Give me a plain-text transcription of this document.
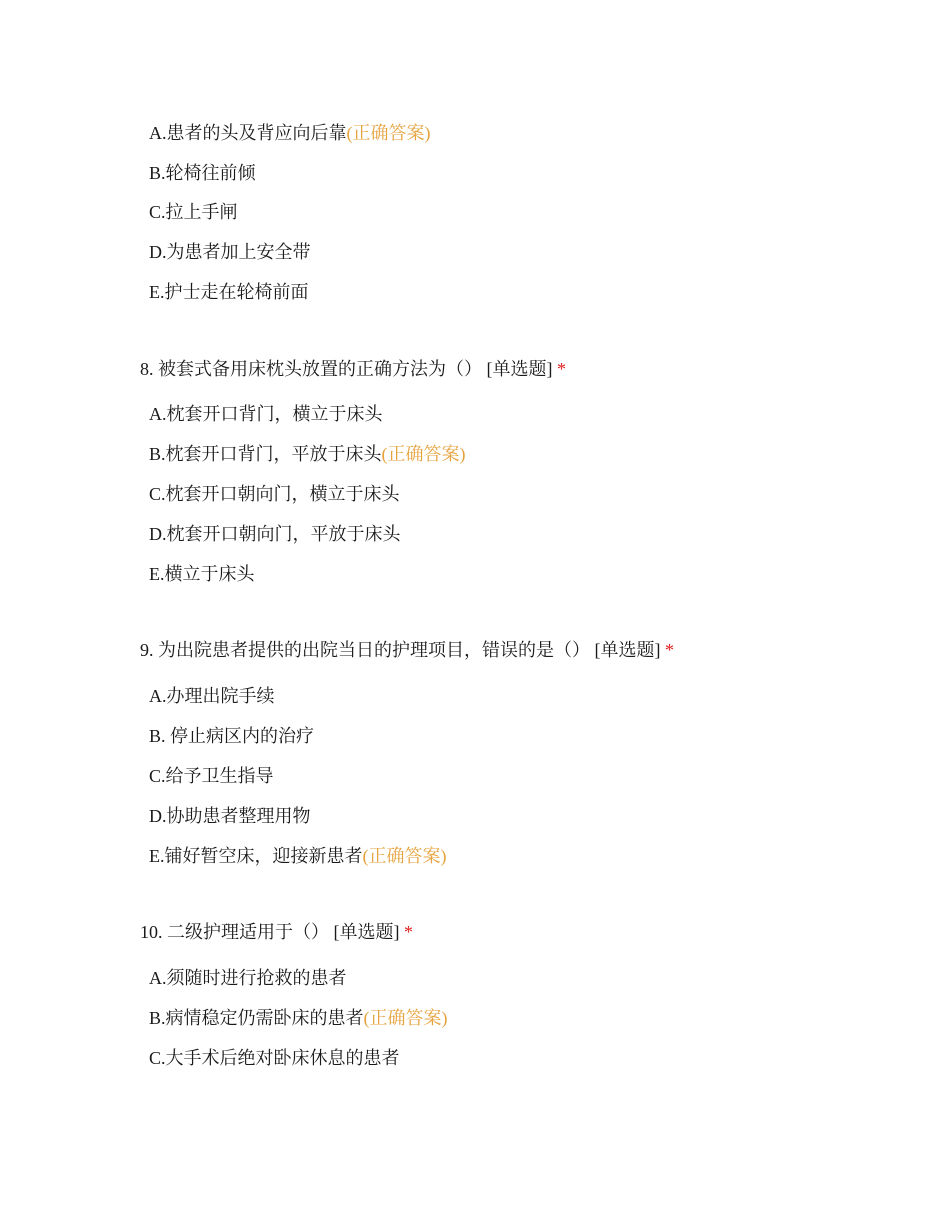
A.患者的头及背应向后靠(正确答案)
B.轮椅往前倾
C.拉上手闸
D.为患者加上安全带
E.护士走在轮椅前面
8. 被套式备用床枕头放置的正确方法为（） [单选题] *
A.枕套开口背门，横立于床头
B.枕套开口背门，平放于床头(正确答案)
C.枕套开口朝向门，横立于床头
D.枕套开口朝向门，平放于床头
E.横立于床头
9. 为出院患者提供的出院当日的护理项目，错误的是（） [单选题] *
A.办理出院手续
B. 停止病区内的治疗
C.给予卫生指导
D.协助患者整理用物
E.铺好暂空床，迎接新患者(正确答案)
10. 二级护理适用于（） [单选题] *
A.须随时进行抢救的患者
B.病情稳定仍需卧床的患者(正确答案)
C.大手术后绝对卧床休息的患者
